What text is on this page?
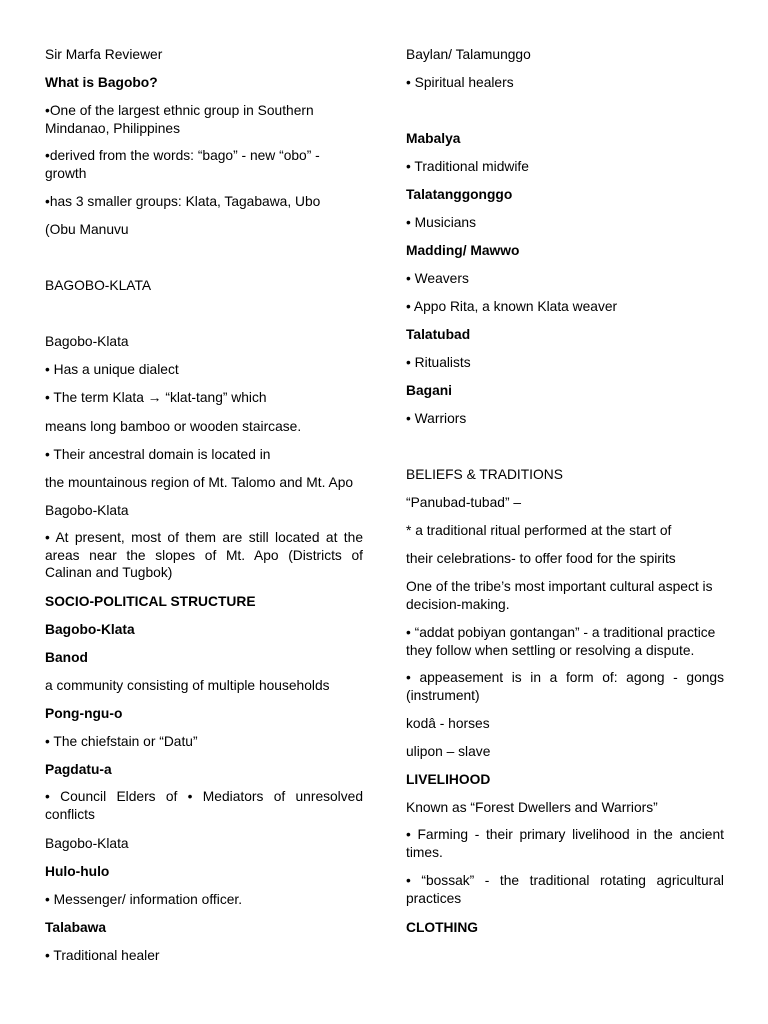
Sir Marfa Reviewer

What is Bagobo?

•One of the largest ethnic group in Southern Mindanao, Philippines

•derived from the words: “bago” - new “obo” - growth

•has 3 smaller groups: Klata, Tagabawa, Ubo

(Obu Manuvu

BAGOBO-KLATA

Bagobo-Klata

• Has a unique dialect

• The term Klata → “klat-tang” which

means long bamboo or wooden staircase.

• Their ancestral domain is located in

the mountainous region of Mt. Talomo and Mt. Apo

Bagobo-Klata

• At present, most of them are still located at the areas near the slopes of Mt. Apo (Districts of Calinan and Tugbok)

SOCIO-POLITICAL STRUCTURE

Bagobo-Klata

Banod

a community consisting of multiple households

Pong-ngu-o

• The chiefstain or “Datu”

Pagdatu-a

• Council Elders of • Mediators of unresolved conflicts

Bagobo-Klata

Hulo-hulo

• Messenger/ information officer.

Talabawa

• Traditional healer

Baylan/ Talamunggo

• Spiritual healers

Mabalya

• Traditional midwife

Talatanggonggo

• Musicians

Madding/ Mawwo

• Weavers

• Appo Rita, a known Klata weaver

Talatubad

• Ritualists

Bagani

• Warriors

BELIEFS & TRADITIONS

“Panubad-tubad” –

* a traditional ritual performed at the start of

their celebrations- to offer food for the spirits

One of the tribe’s most important cultural aspect is decision-making.

• “addat pobiyan gontangan” - a traditional practice they follow when settling or resolving a dispute.

• appeasement is in a form of: agong - gongs (instrument)

kodâ - horses

ulipon – slave

LIVELIHOOD

Known as “Forest Dwellers and Warriors”

• Farming - their primary livelihood in the ancient times.

• “bossak” - the traditional rotating agricultural practices

CLOTHING
